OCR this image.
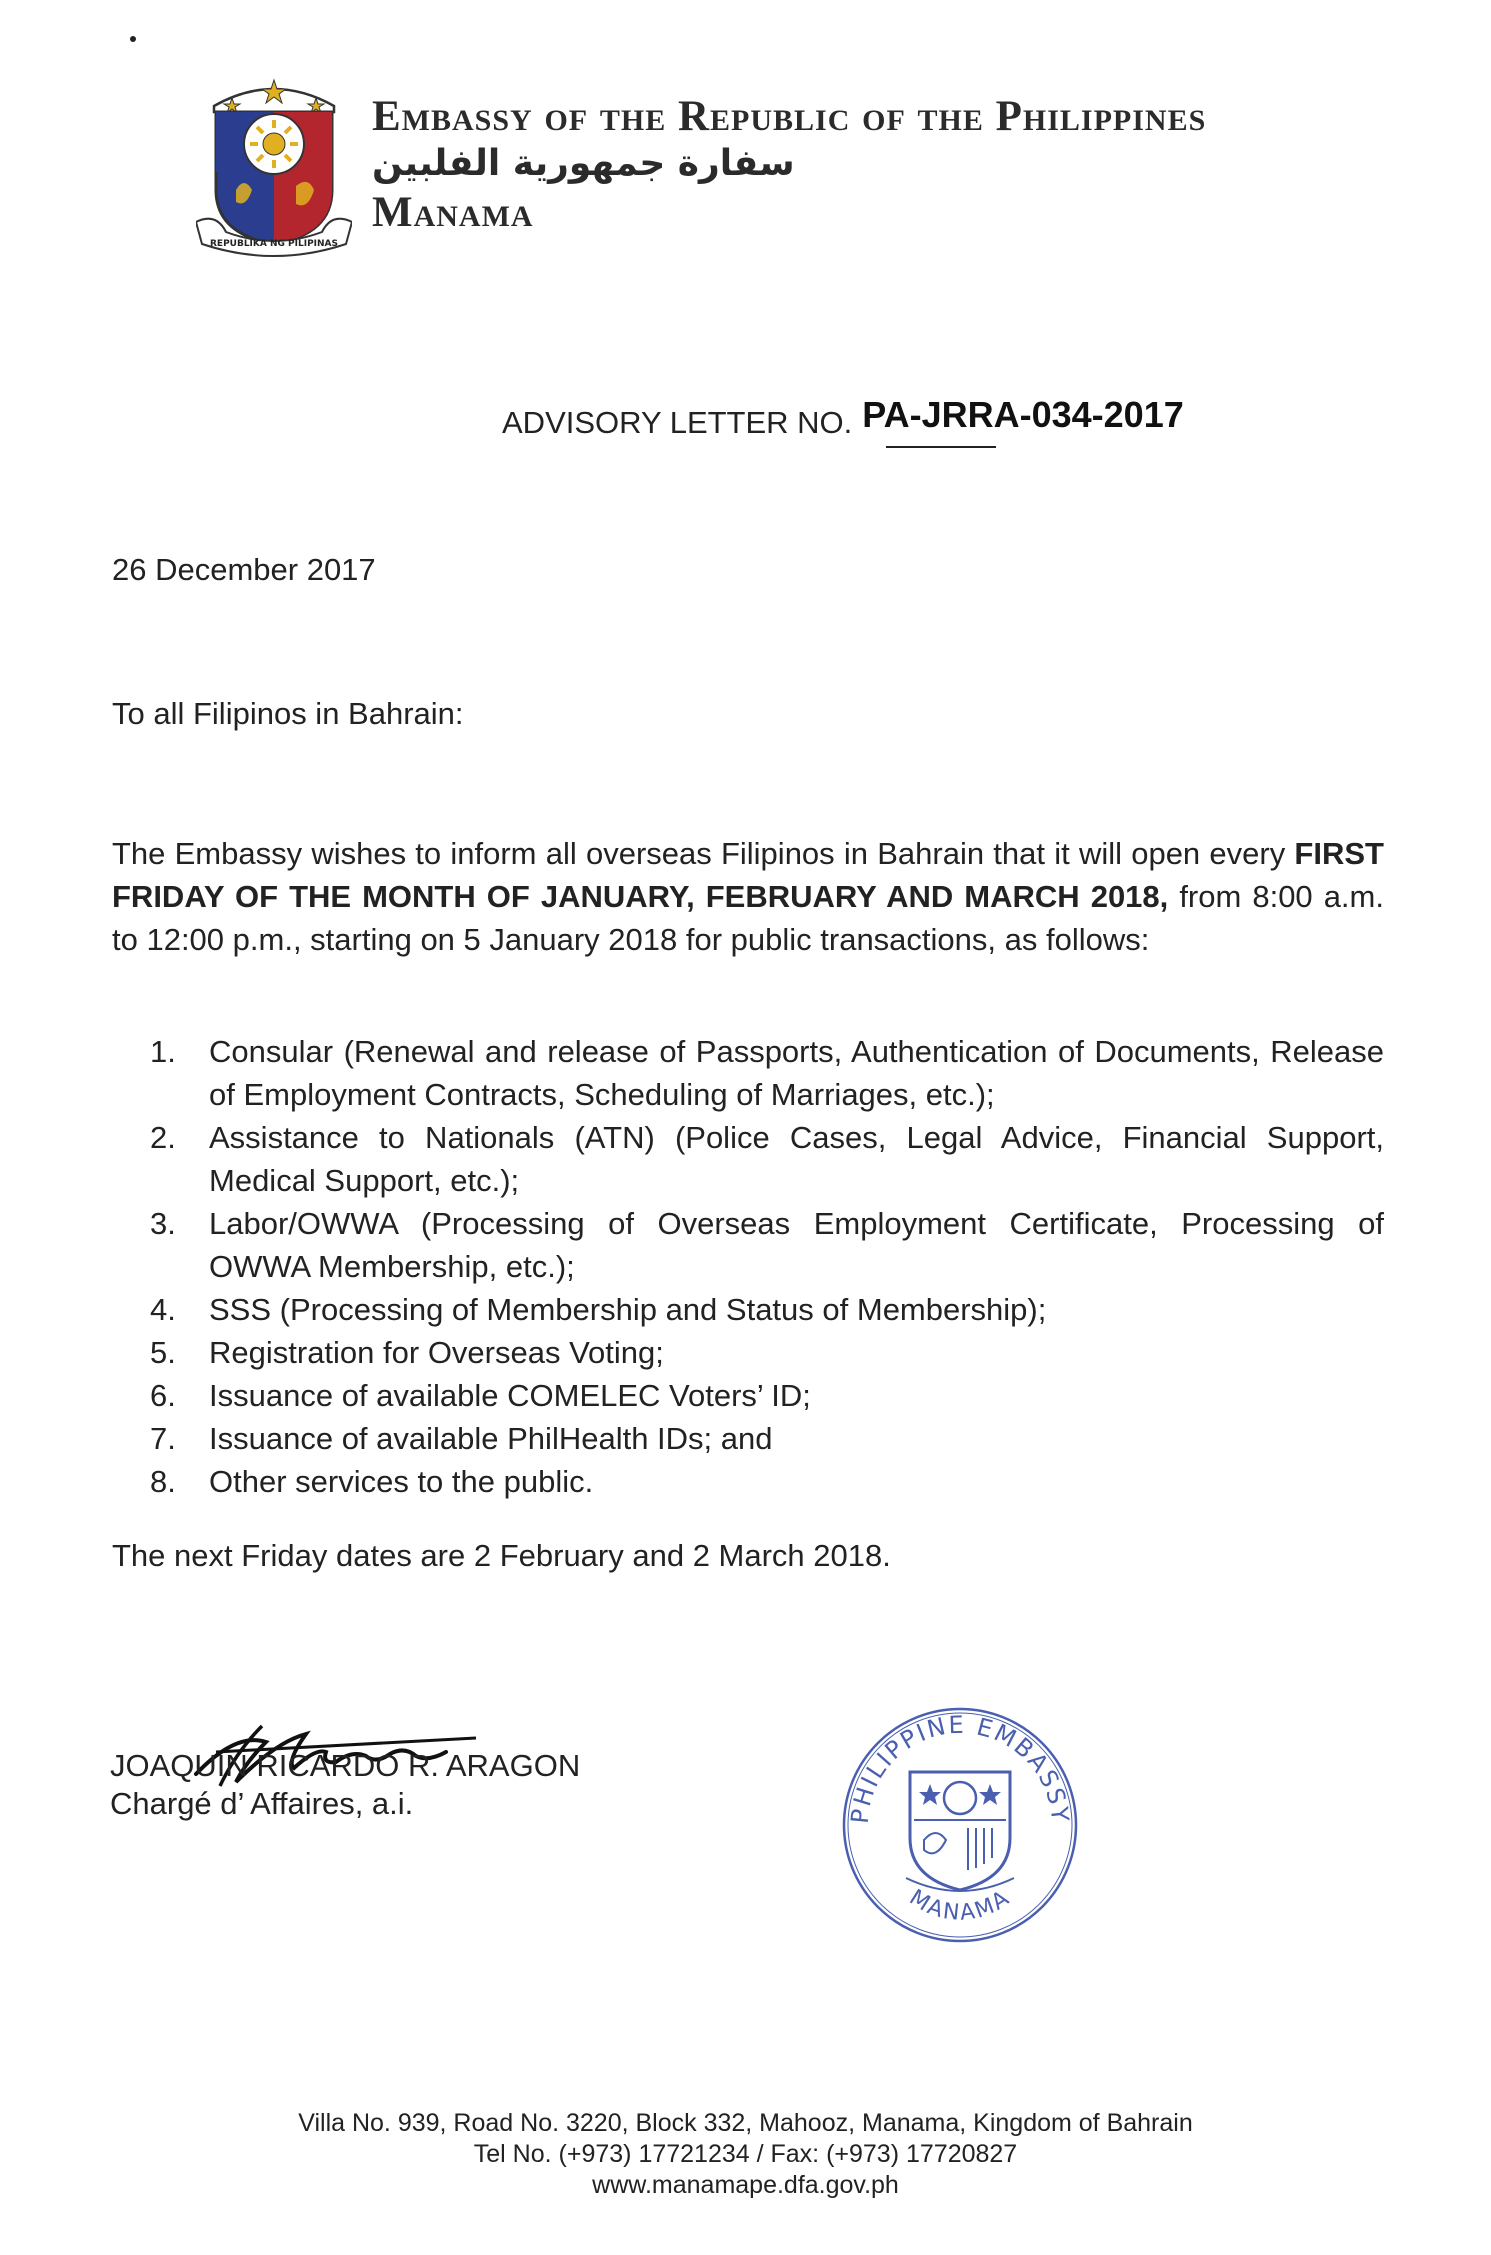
REPUBLIKA NG PILIPINAS
Embassy of the Republic of the Philippines
سفارة جمهورية الفلبين
Manama
ADVISORY LETTER NO. PA-JRRA-034-2017
26 December 2017
To all Filipinos in Bahrain:
The Embassy wishes to inform all overseas Filipinos in Bahrain that it will open every FIRST FRIDAY OF THE MONTH OF JANUARY, FEBRUARY AND MARCH 2018, from 8:00 a.m. to 12:00 p.m., starting on 5 January 2018 for public transactions, as follows:
1. Consular (Renewal and release of Passports, Authentication of Documents, Release of Employment Contracts, Scheduling of Marriages, etc.);
2. Assistance to Nationals (ATN) (Police Cases, Legal Advice, Financial Support, Medical Support, etc.);
3. Labor/OWWA (Processing of Overseas Employment Certificate, Processing of OWWA Membership, etc.);
4. SSS (Processing of Membership and Status of Membership);
5. Registration for Overseas Voting;
6. Issuance of available COMELEC Voters’ ID;
7. Issuance of available PhilHealth IDs; and
8. Other services to the public.
The next Friday dates are 2 February and 2 March 2018.
JOAQUIN RICARDO R. ARAGON
Chargé d’ Affaires, a.i.	PHILIPPINE EMBASSY
MANAMA
Villa No. 939, Road No. 3220, Block 332, Mahooz, Manama, Kingdom of Bahrain
Tel No. (+973) 17721234 / Fax: (+973) 17720827
www.manamape.dfa.gov.ph
